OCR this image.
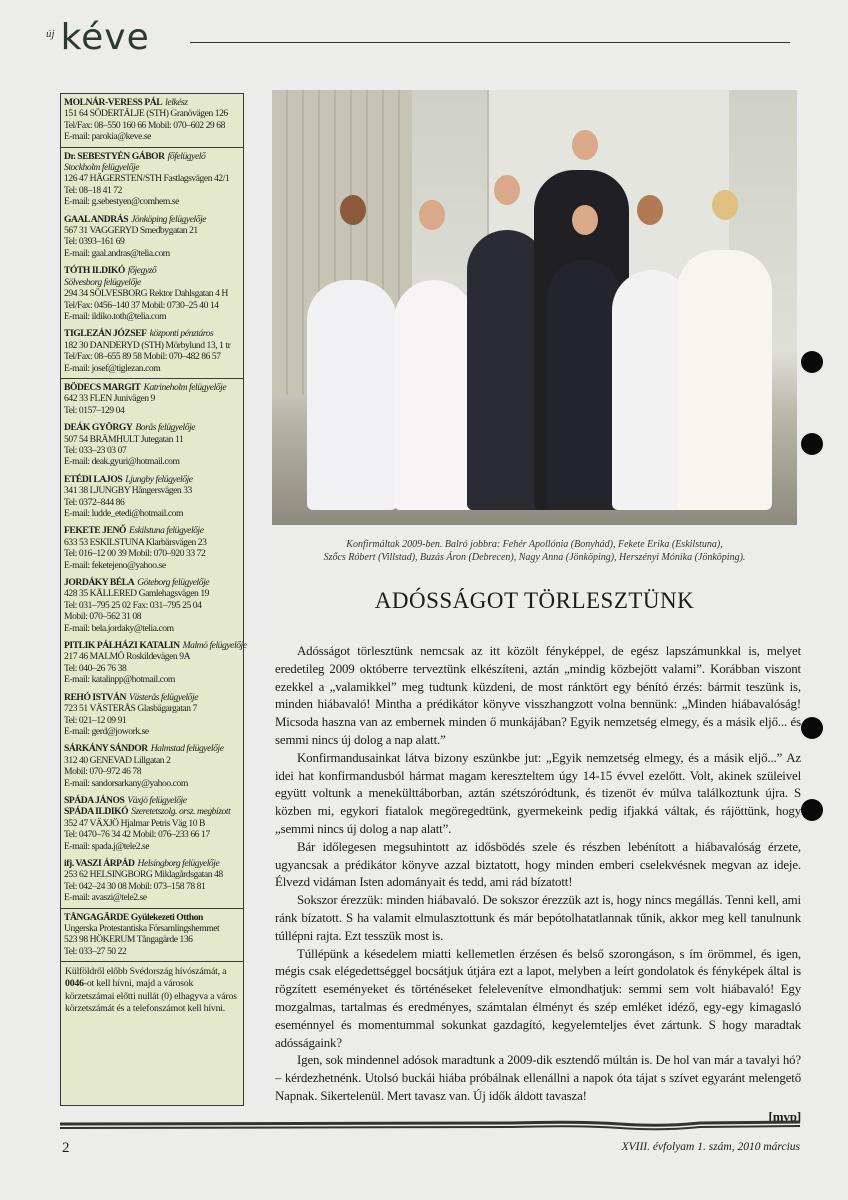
új kéve
MOLNÁR-VERESS PÁL lelkész
151 64 SÖDERTÄLJE (STH) Granövägen 126
Tel/Fax: 08–550 160 66 Mobil: 070–602 29 68
E-mail: parokia@keve.se
Dr. SEBESTYÉN GÁBOR főfelügyelő
Stockholm felügyelője
126 47 HÄGERSTEN/STH Fastlagsvägen 42/1
Tel: 08–18 41 72
E-mail: g.sebestyen@comhem.se
GAAL ANDRÁS Jönköping felügyelője
567 31 VAGGERYD Smedbygatan 21
Tel: 0393–161 69
E-mail: gaal.andras@telia.com
TÓTH ILDIKÓ főjegyző
Sölvesborg felügyelője
294 34 SÖLVESBORG Rektor Dahlsgatan 4 H
Tel/Fax: 0456–140 37 Mobil: 0730–25 40 14
E-mail: ildiko.toth@telia.com
TIGLEZÁN JÓZSEF központi pénztáros
182 30 DANDERYD (STH) Mörbylund 13, 1 tr
Tel/Fax: 08–655 89 58 Mobil: 070–482 86 57
E-mail: josef@tiglezan.com
BÖDECS MARGIT Katrineholm felügyelője
642 33 FLEN Junivägen 9
Tel: 0157–129 04
DEÁK GYÖRGY Borås felügyelője
507 54 BRÄMHULT Jutegatan 11
Tel: 033–23 03 07
E-mail: deak.gyuri@hotmail.com
ETÉDI LAJOS Ljungby felügyelője
341 38 LJUNGBY Hångersvägen 33
Tel: 0372–844 86
E-mail: ludde_etedi@hotmail.com
FEKETE JENŐ Eskilstuna felügyelője
633 53 ESKILSTUNA Klarbärsvägen 23
Tel: 016–12 00 39 Mobil: 070–920 33 72
E-mail: feketejeno@yahoo.se
JORDÁKY BÉLA Göteborg felügyelője
428 35 KÅLLERED Gamlehagsvägen 19
Tel: 031–795 25 02 Fax: 031–795 25 04
Mobil: 070–562 31 08
E-mail: bela.jordaky@telia.com
PITLIK PÁLHÁZI KATALIN Malmö felügyelője
217 46 MALMÖ Roskildevägen 9A
Tel: 040–26 76 38
E-mail: katalinpp@hotmail.com
REHÓ ISTVÁN Västerås felügyelője
723 51 VÄSTERÅS Glasbägargatan 7
Tel: 021–12 09 91
E-mail: gerd@jowork.se
SÁRKÁNY SÁNDOR Halmstad felügyelője
312 40 GENEVAD Lillgatan 2
Mobil: 070–972 46 78
E-mail: sandorsarkany@yahoo.com
SPÁDA JÁNOS Växjö felügyelője
SPÁDA ILDIKÓ Szeretetszolg. orsz. megbízott
352 47 VÄXJÖ Hjalmar Petris Väg 10 B
Tel: 0470–76 34 42 Mobil: 076–233 66 17
E-mail: spada.j@tele2.se
ifj. VASZI ÁRPÁD Helsingborg felügyelője
253 62 HELSINGBORG Miklagårdsgatan 48
Tel: 042–24 30 08 Mobil: 073–158 78 81
E-mail: avaszi@tele2.se
TÅNGAGÄRDE Gyülekezeti Otthon
Ungerska Protestantiska Församlingshemmet
523 98 HÖKERUM Tångagärde 136
Tel: 033–27 50 22
Külföldről előbb Svédország hívószámát, a 0046-ot kell hívni, majd a városok körzetszámai előtti nullát (0) elhagyva a város körzetszámát és a telefonszámot kell hívni.
Konfirmáltak 2009-ben. Balró jobbra: Fehér Apollónia (Bonyhád), Fekete Erika (Eskilstuna),
Szőcs Róbert (Villstad), Buzás Áron (Debrecen), Nagy Anna (Jönköping), Herszényi Mónika (Jönköping).
ADÓSSÁGOT TÖRLESZTÜNK

Adósságot törlesztünk nemcsak az itt közölt fényképpel, de egész lapszámunkkal is, melyet eredetileg 2009 októberre terveztünk elkészíteni, aztán „mindig közbejött valami”. Korábban viszont ezekkel a „valamikkel” meg tudtunk küzdeni, de most ránktört egy bénító érzés: bármit teszünk is, minden hiábavaló! Mintha a prédikátor könyve visszhangzott volna bennünk: „Minden hiábavalóság! Micsoda haszna van az embernek minden ő munkájában? Egyik nemzetség elmegy, és a másik eljő... és semmi nincs új dolog a nap alatt.”

Konfirmandusainkat látva bizony eszünkbe jut: „Egyik nemzetség elmegy, és a másik eljő...” Az idei hat konfirmandusból hármat magam kereszteltem úgy 14-15 évvel ezelőtt. Volt, akinek szüleivel együtt voltunk a menekülttáborban, aztán szétszóródtunk, és tizenöt év múlva találkoztunk újra. S közben mi, egykori fiatalok megöregedtünk, gyermekeink pedig ifjakká váltak, és rájöttünk, hogy „semmi nincs új dolog a nap alatt”.

Bár időlegesen megsuhintott az idősbödés szele és részben lebénított a hiábavalóság érzete, ugyancsak a prédikátor könyve azzal biztatott, hogy minden emberi cselekvésnek megvan az ideje. Élvezd vidáman Isten adományait és tedd, ami rád bízatott!

Sokszor érezzük: minden hiábavaló. De sokszor érezzük azt is, hogy nincs megállás. Tenni kell, ami ránk bízatott. S ha valamit elmulasztottunk és már bepótolhatatlannak tűnik, akkor meg kell tanulnunk túllépni rajta. Ezt tesszük most is.

Túllépünk a késedelem miatti kellemetlen érzésen és belső szorongáson, s ím örömmel, és igen, mégis csak elégedettséggel bocsátjuk útjára ezt a lapot, melyben a leírt gondolatok és fényképek által is rögzített eseményeket és történéseket felelevenítve elmondhatjuk: semmi sem volt hiábavaló! Egy mozgalmas, tartalmas és eredményes, számtalan élményt és szép emléket idéző, egy-egy kimagasló eseménnyel és momentummal sokunkat gazdagító, kegyelemteljes évet zártunk. S hogy maradtak adósságaink?

Igen, sok mindennel adósok maradtunk a 2009-dik esztendő múltán is. De hol van már a tavalyi hó? – kérdezhetnénk. Utolsó buckái hiába próbálnak ellenállni a napok óta tájat s szívet egyaránt melengető Napnak. Sikertelenül. Mert tavasz van. Új idők áldott tavasza!

[mvp]
2	XVIII. évfolyam 1. szám, 2010 március
